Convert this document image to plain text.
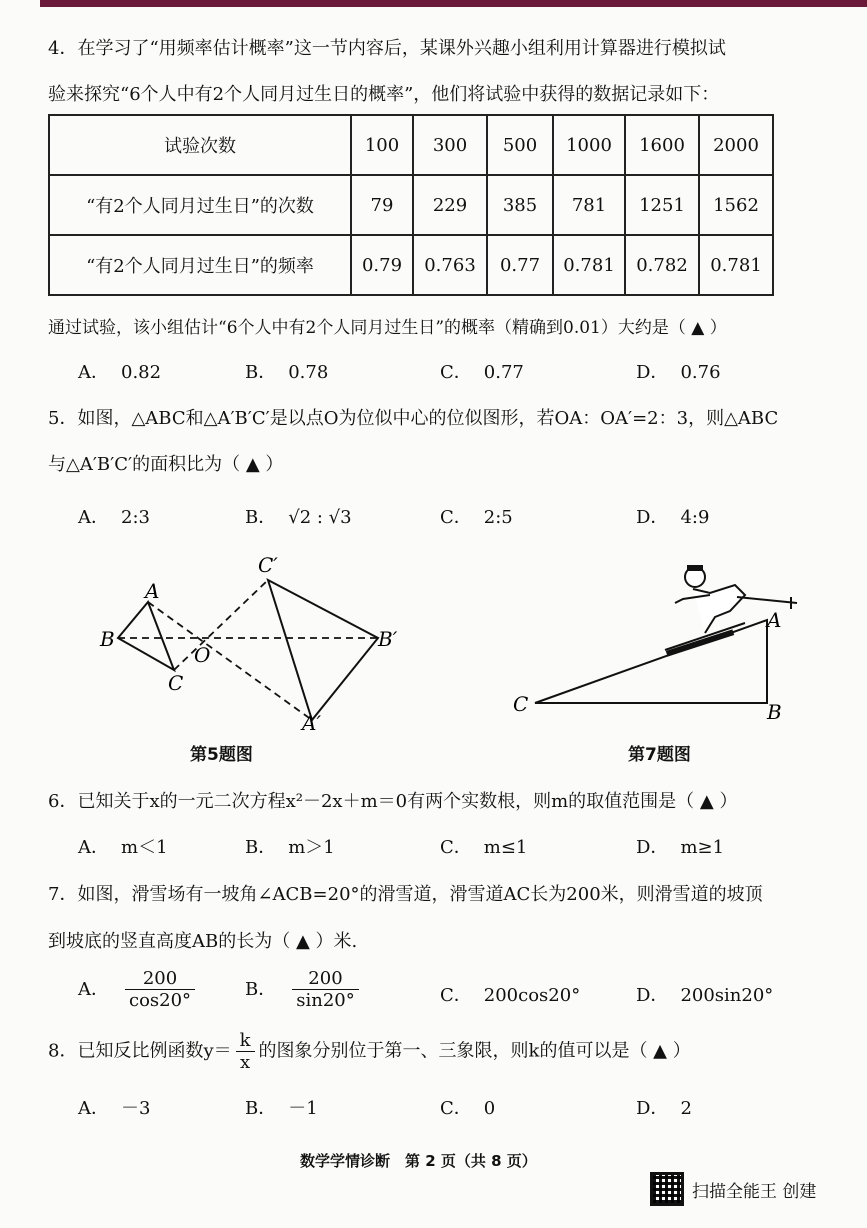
4．在学习了“用频率估计概率”这一节内容后，某课外兴趣小组利用计算器进行模拟试
验来探究“6个人中有2个人同月过生日的概率”，他们将试验中获得的数据记录如下：
试验次数	100	300	500	1000	1600	2000
“有2个人同月过生日”的次数	79	229	385	781	1251	1562
“有2个人同月过生日”的频率	0.79	0.763	0.77	0.781	0.782	0.781
通过试验，该小组估计“6个人中有2个人同月过生日”的概率（精确到0.01）大约是（ ▲ ）
A． 0.82	B． 0.78	C． 0.77	D． 0.76
5．如图，△ABC和△A′B′C′是以点O为位似中心的位似图形，若OA：OA′=2：3，则△ABC
与△A′B′C′的面积比为（ ▲ ）
A． 2:3	B． √2 : √3	C． 2:5	D． 4:9
A
B
C
O
C′
B′
A′
第5题图
A
B
C
第7题图
6．已知关于x的一元二次方程x²－2x＋m＝0有两个实数根，则m的取值范围是（ ▲ ）
A． m＜1	B． m＞1	C． m≤1	D． m≥1
7．如图，滑雪场有一坡角∠ACB=20°的滑雪道，滑雪道AC长为200米，则滑雪道的坡顶
到坡底的竖直高度AB的长为（ ▲ ）米.
A． $\frac{200}{\cos 20^\circ}$	B． $\frac{200}{\sin 20^\circ}$	C． 200cos20°	D． 200sin20°
8．已知反比例函数$y= \frac{k}{x}$ 的图象分别位于第一、三象限，则k的值可以是（ ▲ ）
A． －3	B． －1	C． 0	D． 2
数学学情诊断　第 2 页（共 8 页）
扫描全能王 创建
